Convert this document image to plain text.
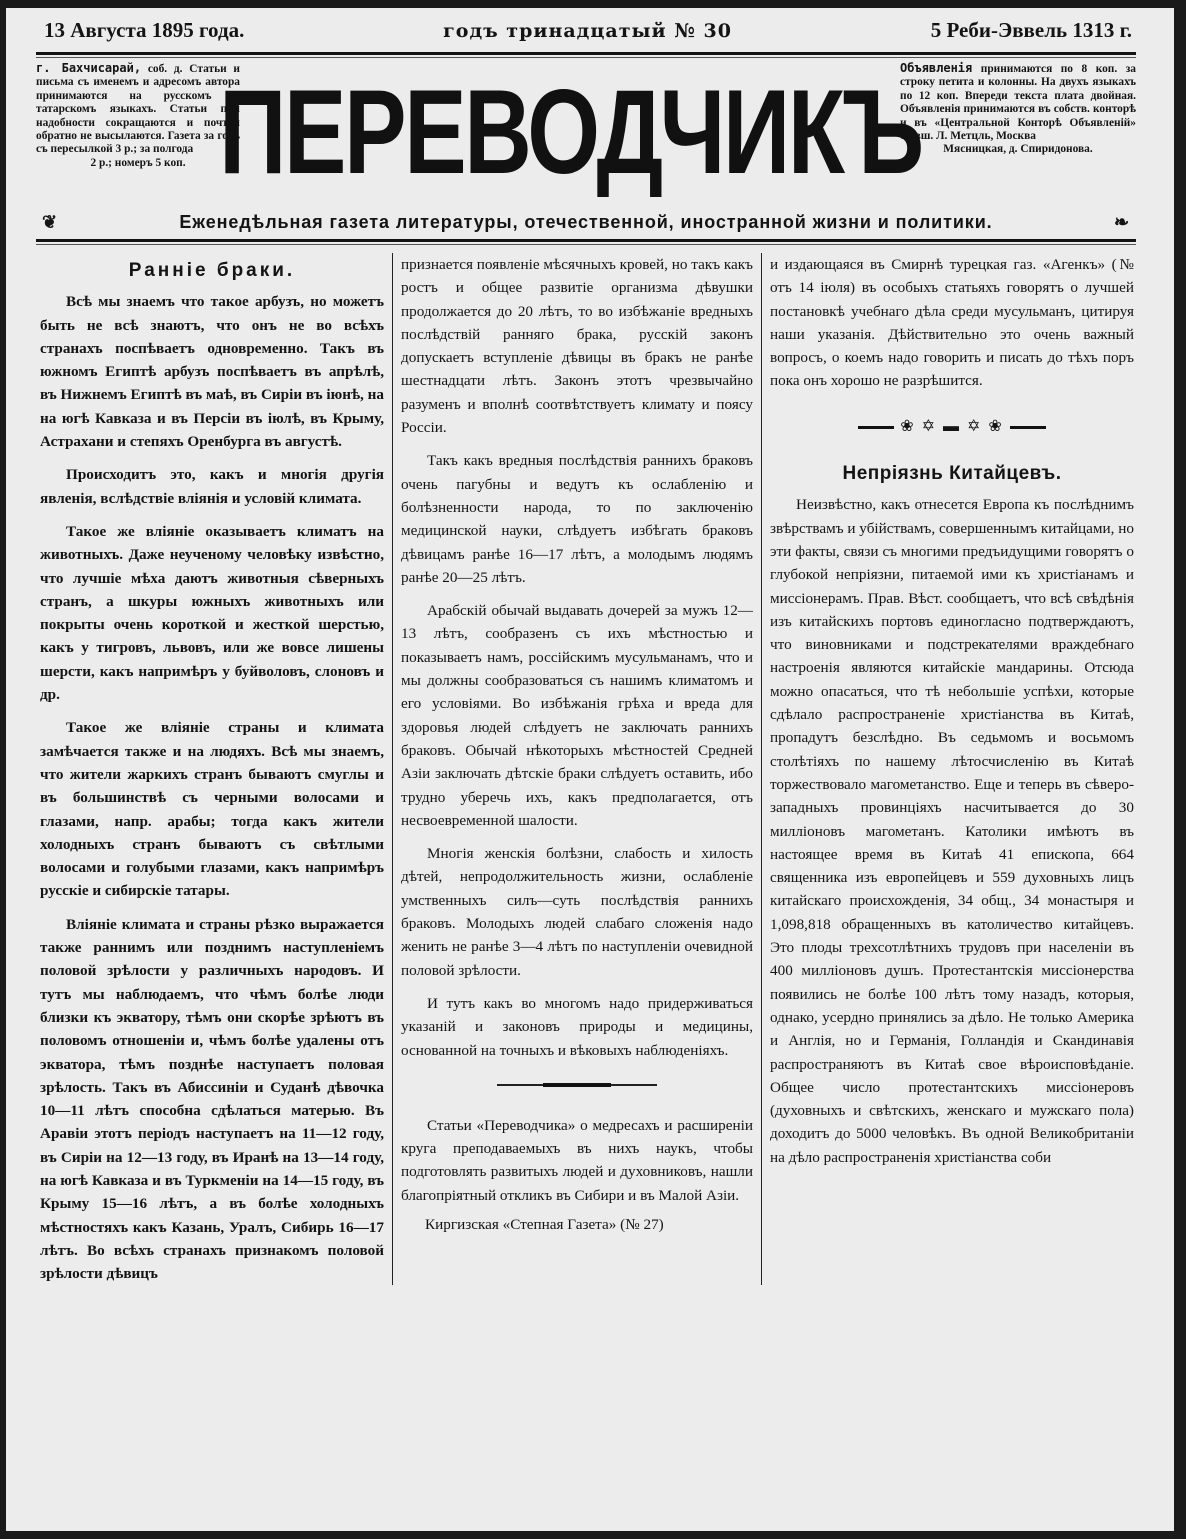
13 Августа 1895 года.	годъ тринадцатый № 30	5 Реби-Эввель 1313 г.
г. Бахчисарай, соб. д. Статьи и письма съ именемъ и адресомъ автора принимаются на русскомъ и татарскомъ языкахъ. Статьи при надобности сокращаются и почтой обратно не высылаются. Газета за годъ съ пересылкой 3 р.; за полгода
2 р.; номеръ 5 коп. ПЕРЕВОДЧИКЪ
Объявленія принимаются по 8 коп. за строку петита и колонны. На двухъ языкахъ по 12 коп. Впереди текста плата двойная. Объявленія принимаются въ собств. конторѣ и въ «Центральной Конторѣ Объявленій» бывш. Л. Метцль, Москва
Мясницкая, д. Спиридонова.
❦	Еженедѣльная газета литературы, отечественной, иностранной жизни и политики.	❧
Ранніе браки.

Всѣ мы знаемъ что такое арбузъ, но можетъ быть не всѣ знаютъ, что онъ не во всѣхъ странахъ поспѣваетъ одновременно. Такъ въ южномъ Египтѣ арбузъ поспѣваетъ въ апрѣлѣ, въ Нижнемъ Египтѣ въ маѣ, въ Сиріи въ іюнѣ, на на югѣ Кавказа и въ Персіи въ іюлѣ, въ Крыму, Астрахани и степяхъ Оренбурга въ августѣ.

Происходитъ это, какъ и многія другія явленія, вслѣдствіе вліянія и условій климата.

Такое же вліяніе оказываетъ климатъ на животныхъ. Даже неученому человѣку извѣстно, что лучшіе мѣха даютъ животныя сѣверныхъ странъ, а шкуры южныхъ животныхъ или покрыты очень короткой и жесткой шерстью, какъ у тигровъ, львовъ, или же вовсе лишены шерсти, какъ напримѣръ у буйволовъ, слоновъ и др.

Такое же вліяніе страны и климата замѣчается также и на людяхъ. Всѣ мы знаемъ, что жители жаркихъ странъ бываютъ смуглы и въ большинствѣ съ черными волосами и глазами, напр. арабы; тогда какъ жители холодныхъ странъ бываютъ съ свѣтлыми волосами и голубыми глазами, какъ напримѣръ русскіе и сибирскіе татары.

Вліяніе климата и страны рѣзко выражается также раннимъ или позднимъ наступленіемъ половой зрѣлости у различныхъ народовъ. И тутъ мы наблюдаемъ, что чѣмъ болѣе люди близки къ экватору, тѣмъ они скорѣе зрѣютъ въ половомъ отношеніи и, чѣмъ болѣе удалены отъ экватора, тѣмъ позднѣе наступаетъ половая зрѣлость. Такъ въ Абиссиніи и Суданѣ дѣвочка 10—11 лѣтъ способна сдѣлаться матерью. Въ Аравіи этотъ періодъ наступаетъ на 11—12 году, въ Сиріи на 12—13 году, въ Иранѣ на 13—14 году, на югѣ Кавказа и въ Туркменіи на 14—15 году, въ Крыму 15—16 лѣтъ, а въ болѣе холодныхъ мѣстностяхъ какъ Казань, Уралъ, Сибирь 16—17 лѣтъ. Во всѣхъ странахъ признакомъ половой зрѣлости дѣвицъ

признается появленіе мѣсячныхъ кровей, но такъ какъ ростъ и общее развитіе организма дѣвушки продолжается до 20 лѣтъ, то во избѣжаніе вредныхъ послѣдствій ранняго брака, русскій законъ допускаетъ вступленіе дѣвицы въ бракъ не ранѣе шестнадцати лѣтъ. Законъ этотъ чрезвычайно разуменъ и вполнѣ соотвѣтствуетъ климату и поясу Россіи.

Такъ какъ вредныя послѣдствія раннихъ браковъ очень пагубны и ведутъ къ ослабленію и болѣзненности народа, то по заключенію медицинской науки, слѣдуетъ избѣгать браковъ дѣвицамъ ранѣе 16—17 лѣтъ, а молодымъ людямъ ранѣе 20—25 лѣтъ.

Арабскій обычай выдавать дочерей за мужъ 12—13 лѣтъ, сообразенъ съ ихъ мѣстностью и показываетъ намъ, россійскимъ мусульманамъ, что и мы должны сообразоваться съ нашимъ климатомъ и его условіями. Во избѣжанія грѣха и вреда для здоровья людей слѣдуетъ не заключать раннихъ браковъ. Обычай нѣкоторыхъ мѣстностей Средней Азіи заключать дѣтскіе браки слѣдуетъ оставить, ибо трудно уберечь ихъ, какъ предполагается, отъ несвоевременной шалости.

Многія женскія болѣзни, слабость и хилость дѣтей, непродолжительность жизни, ослабленіе умственныхъ силъ—суть послѣдствія раннихъ браковъ. Молодыхъ людей слабаго сложенія надо женить не ранѣе 3—4 лѣтъ по наступленіи очевидной половой зрѣлости.

И тутъ какъ во многомъ надо придерживаться указаній и законовъ природы и медицины, основанной на точныхъ и вѣковыхъ наблюденіяхъ.

Статьи «Переводчика» о медресахъ и расширеніи круга преподаваемыхъ въ нихъ наукъ, чтобы подготовлять развитыхъ людей и духовниковъ, нашли благопріятный откликъ въ Сибири и въ Малой Азіи.

Киргизская «Степная Газета» (№ 27)

и издающаяся въ Смирнѣ турецкая газ. «Агенкъ» (№ отъ 14 іюля) въ особыхъ статьяхъ говорятъ о лучшей постановкѣ учебнаго дѣла среди мусульманъ, цитируя наши указанія. Дѣйствительно это очень важный вопросъ, о коемъ надо говорить и писать до тѣхъ поръ пока онъ хорошо не разрѣшится.

❀ ✡ ▬ ✡ ❀
Непріязнь Китайцевъ.

Неизвѣстно, какъ отнесется Европа къ послѣднимъ звѣрствамъ и убійствамъ, совершеннымъ китайцами, но эти факты, связи съ многими предъидущими говорятъ о глубокой непріязни, питаемой ими къ христіанамъ и миссіонерамъ. Прав. Вѣст. сообщаетъ, что всѣ свѣдѣнія изъ китайскихъ портовъ единогласно подтверждаютъ, что виновниками и подстрекателями враждебнаго настроенія являются китайскіе мандарины. Отсюда можно опасаться, что тѣ небольшіе успѣхи, которые сдѣлало распространеніе христіанства въ Китаѣ, пропадутъ безслѣдно. Въ седьмомъ и восьмомъ столѣтіяхъ по нашему лѣтосчисленію въ Китаѣ торжествовало магометанство. Еще и теперь въ сѣверо-западныхъ провинціяхъ насчитывается до 30 милліоновъ магометанъ. Католики имѣютъ въ настоящее время въ Китаѣ 41 епископа, 664 священника изъ европейцевъ и 559 духовныхъ лицъ китайскаго происхожденія, 34 общ., 34 монастыря и 1,098,818 обращенныхъ въ католичество китайцевъ. Это плоды трехсотлѣтнихъ трудовъ при населеніи въ 400 милліоновъ душъ. Протестантскія миссіонерства появились не болѣе 100 лѣтъ тому назадъ, которыя, однако, усердно принялись за дѣло. Не только Америка и Англія, но и Германія, Голландія и Скандинавія распространяютъ въ Китаѣ свое вѣроисповѣданіе. Общее число протестантскихъ миссіонеровъ (духовныхъ и свѣтскихъ, женскаго и мужскаго пола) доходитъ до 5000 человѣкъ. Въ одной Великобританіи на дѣло распространенія христіанства соби
